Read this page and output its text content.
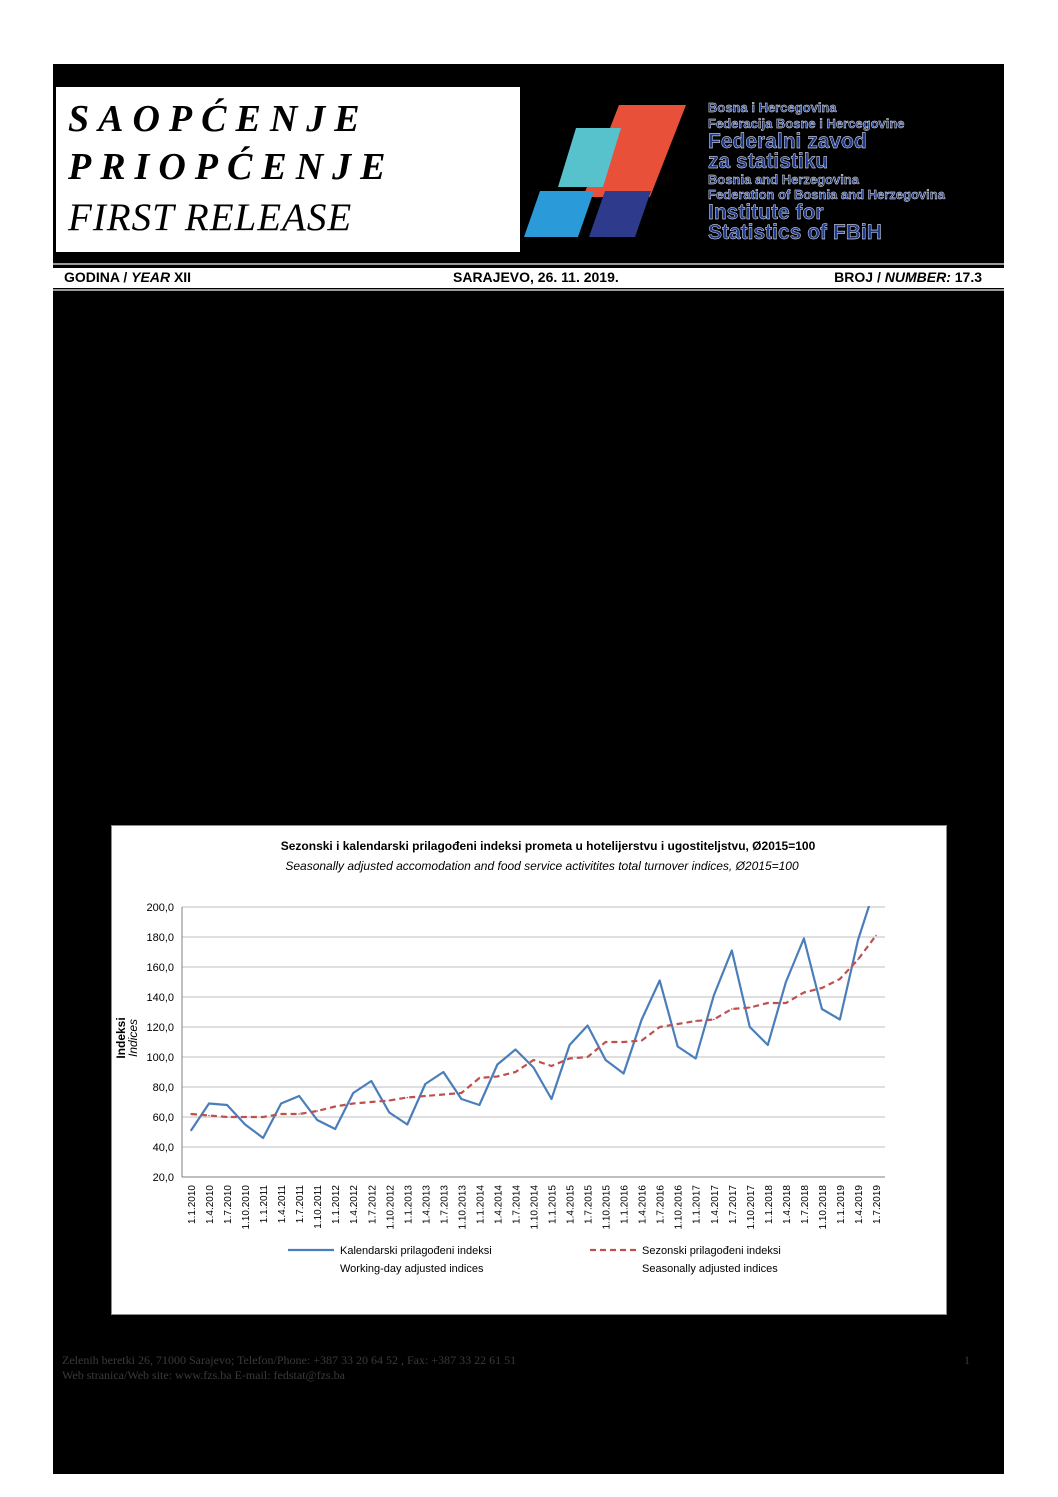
SAOPĆENJE
PRIOPĆENJE
FIRST RELEASE
Bosna i Hercegovina
Federacija Bosne i Hercegovine
Federalni zavod
za statistiku
Bosnia and Herzegovina
Federation of Bosnia and Herzegovina
Institute for
Statistics of FBiH
GODINA / YEAR XII	SARAJEVO, 26. 11. 2019.	BROJ / NUMBER: 17.3
Sezonski i kalendarski prilagođeni indeksi prometa u hotelijerstvu i ugostiteljstvu, Ø2015=100
Seasonally adjusted accomodation and food service activitites total turnover indices, Ø2015=100
Indeksi
Indices
20,0
40,0
60,0
80,0
100,0
120,0
140,0
160,0
180,0
200,0
1.1.2010 1.4.2010 1.7.2010 1.10.2010 1.1.2011 1.4.2011 1.7.2011 1.10.2011 1.1.2012 1.4.2012 1.7.2012 1.10.2012 1.1.2013 1.4.2013 1.7.2013 1.10.2013 1.1.2014 1.4.2014 1.7.2014 1.10.2014 1.1.2015 1.4.2015 1.7.2015 1.10.2015 1.1.2016 1.4.2016 1.7.2016 1.10.2016 1.1.2017 1.4.2017 1.7.2017 1.10.2017 1.1.2018 1.4.2018 1.7.2018 1.10.2018 1.1.2019 1.4.2019 1.7.2019
Kalendarski prilagođeni indeksi
Working-day adjusted indices
Sezonski prilagođeni indeksi
Seasonally adjusted indices
Zelenih beretki 26, 71000 Sarajevo; Telefon/Phone: +387 33 20 64 52 , Fax: +387 33 22 61 51
Web stranica/Web site: www.fzs.ba E-mail: fedstat@fzs.ba
1
